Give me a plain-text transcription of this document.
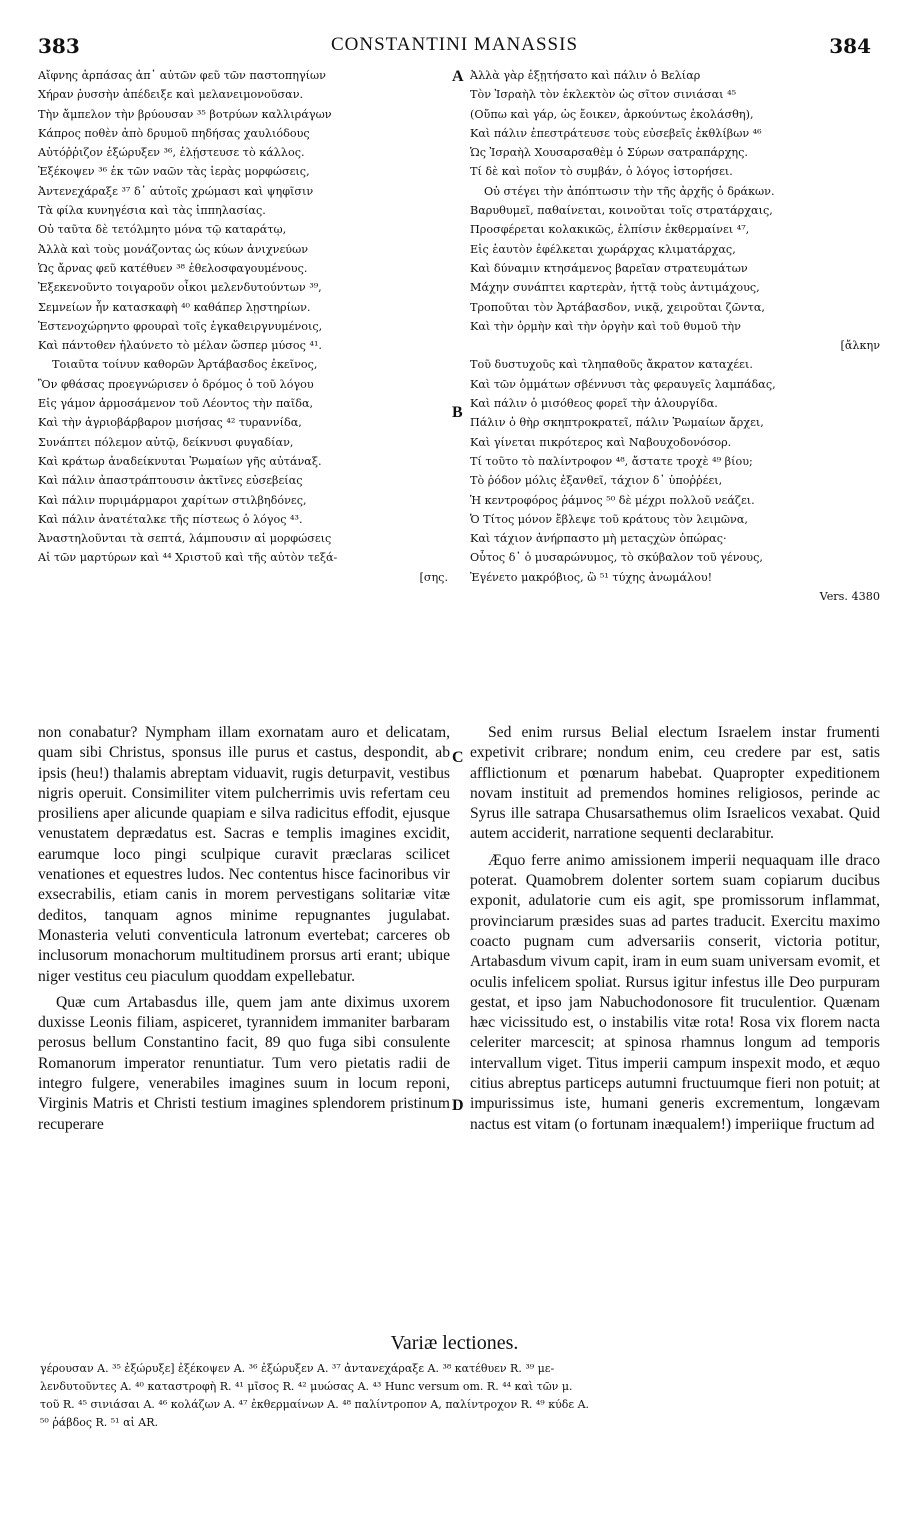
383	CONSTANTINI MANASSIS	384
A
B
C
D
Αἴφνης ἁρπάσας ἀπ᾽ αὐτῶν φεῦ τῶν παστοπηγίων
Χήραν ῥυσσὴν ἀπέδειξε καὶ μελανειμονοῦσαν.
Τὴν ἄμπελον τὴν βρύουσαν ³⁵ βοτρύων καλλιράγων
Κάπρος ποθὲν ἀπὸ δρυμοῦ πηδήσας χαυλιόδους
Αὐτόῤῥιζον ἐξώρυξεν ³⁶, ἐλῄστευσε τὸ κάλλος.
Ἐξέκοψεν ³⁶ ἐκ τῶν ναῶν τὰς ἱερὰς μορφώσεις,
Ἀντενεχάραξε ³⁷ δ᾽ αὐτοῖς χρώμασι καὶ ψηφῖσιν
Τὰ φίλα κυνηγέσια καὶ τὰς ἱππηλασίας.
Οὐ ταῦτα δὲ τετόλμητο μόνα τῷ καταράτῳ,
Ἀλλὰ καὶ τοὺς μονάζοντας ὡς κύων ἀνιχνεύων
Ὡς ἄρνας φεῦ κατέθυεν ³⁸ ἐθελοσφαγουμένους.
Ἐξεκενοῦντο τοιγαροῦν οἶκοι μελενδυτούντων ³⁹,
Σεμνείων ἦν κατασκαφὴ ⁴⁰ καθάπερ λῃστηρίων.
Ἐστενοχώρηντο φρουραὶ τοῖς ἐγκαθειργνυμένοις,
Καὶ πάντοθεν ἠλαύνετο τὸ μέλαν ὥσπερ μύσος ⁴¹.
Τοιαῦτα τοίνυν καθορῶν Ἀρτάβασδος ἐκεῖνος,
Ὃν φθάσας προεγνώρισεν ὁ δρόμος ὁ τοῦ λόγου
Εἰς γάμον ἁρμοσάμενον τοῦ Λέοντος τὴν παῖδα,
Καὶ τὴν ἀγριοβάρβαρον μισήσας ⁴² τυραννίδα,
Συνάπτει πόλεμον αὐτῷ, δείκνυσι φυγαδίαν,
Καὶ κράτωρ ἀναδείκνυται Ῥωμαίων γῆς αὐτάναξ.
Καὶ πάλιν ἀπαστράπτουσιν ἀκτῖνες εὐσεβείας
Καὶ πάλιν πυριμάρμαροι χαρίτων στιλβηδόνες,
Καὶ πάλιν ἀνατέταλκε τῆς πίστεως ὁ λόγος ⁴³.
Ἀναστηλοῦνται τὰ σεπτά, λάμπουσιν αἱ μορφώσεις
Αἱ τῶν μαρτύρων καὶ ⁴⁴ Χριστοῦ καὶ τῆς αὐτὸν τεξά-
[σης.
Ἀλλὰ γὰρ ἐξῃτήσατο καὶ πάλιν ὁ Βελίαρ
Τὸν Ἰσραὴλ τὸν ἐκλεκτὸν ὡς σῖτον σινιάσαι ⁴⁵
(Οὔπω καὶ γάρ, ὡς ἔοικεν, ἀρκούντως ἐκολάσθη),
Καὶ πάλιν ἐπεστράτευσε τοὺς εὐσεβεῖς ἐκθλίβων ⁴⁶
Ὡς Ἰσραὴλ Χουσαρσαθὲμ ὁ Σύρων σατραπάρχης.
Τί δὲ καὶ ποῖον τὸ συμβάν, ὁ λόγος ἱστορήσει.
Οὐ στέγει τὴν ἀπόπτωσιν τὴν τῆς ἀρχῆς ὁ δράκων.
Βαρυθυμεῖ, παθαίνεται, κοινοῦται τοῖς στρατάρχαις,
Προσφέρεται κολακικῶς, ἐλπίσιν ἐκθερμαίνει ⁴⁷,
Εἰς ἑαυτὸν ἐφέλκεται χωράρχας κλιματάρχας,
Καὶ δύναμιν κτησάμενος βαρεῖαν στρατευμάτων
Μάχην συνάπτει καρτερὰν, ἡττᾷ τοὺς ἀντιμάχους,
Τροποῦται τὸν Ἀρτάβασδον, νικᾷ, χειροῦται ζῶντα,
Καὶ τὴν ὁρμὴν καὶ τὴν ὀργὴν καὶ τοῦ θυμοῦ τὴν
[ἄλκην
Τοῦ δυστυχοῦς καὶ τληπαθοῦς ἄκρατον καταχέει.
Καὶ τῶν ὀμμάτων σβέννυσι τὰς φεραυγεῖς λαμπάδας,
Καὶ πάλιν ὁ μισόθεος φορεῖ τὴν ἁλουργίδα.
Πάλιν ὁ θὴρ σκηπτροκρατεῖ, πάλιν Ῥωμαίων ἄρχει,
Καὶ γίνεται πικρότερος καὶ Ναβουχοδονόσορ.
Τί τοῦτο τὸ παλίντροφον ⁴⁸, ἄστατε τροχὲ ⁴⁹ βίου;
Τὸ ῥόδον μόλις ἐξανθεῖ, τάχιον δ᾽ ὑποῤῥέει,
Ἡ κεντροφόρος ῥάμνος ⁵⁰ δὲ μέχρι πολλοῦ νεάζει.
Ὁ Τίτος μόνον ἔβλεψε τοῦ κράτους τὸν λειμῶνα,
Καὶ τάχιον ἀνήρπαστο μὴ μεταςχὼν ὀπώρας·
Οὗτος δ᾽ ὁ μυσαρώνυμος, τὸ σκύβαλον τοῦ γένους,
Ἐγένετο μακρόβιος, ὢ ⁵¹ τύχης ἀνωμάλου!
Vers. 4380

non conabatur? Nympham illam exornatam auro et delicatam, quam sibi Christus, sponsus ille purus et castus, despondit, ab ipsis (heu!) thalamis abreptam viduavit, rugis deturpavit, vestibus nigris operuit. Consimiliter vitem pulcherrimis uvis refertam ceu prosiliens aper alicunde quapiam e silva radicitus effodit, ejusque venustatem deprædatus est. Sacras e templis imagines excidit, earumque loco pingi sculpique curavit præclaras scilicet venationes et equestres ludos. Nec contentus hisce facinoribus vir exsecrabilis, etiam canis in morem pervestigans solitariæ vitæ deditos, tanquam agnos minime repugnantes jugulabat. Monasteria veluti conventicula latronum evertebat; carceres ob inclusorum monachorum multitudinem prorsus arti erant; ubique niger vestitus ceu piaculum quoddam expellebatur.

Quæ cum Artabasdus ille, quem jam ante diximus uxorem duxisse Leonis filiam, aspiceret, tyrannidem immaniter barbaram perosus bellum Constantino facit, 89 quo fuga sibi consulente Romanorum imperator renuntiatur. Tum vero pietatis radii de integro fulgere, venerabiles imagines suum in locum reponi, Virginis Matris et Christi testium imagines splendorem pristinum recuperare

Sed enim rursus Belial electum Israelem instar frumenti expetivit cribrare; nondum enim, ceu credere par est, satis afflictionum et pœnarum habebat. Quapropter expeditionem novam instituit ad premendos homines religiosos, perinde ac Syrus ille satrapa Chusarsathemus olim Israelicos vexabat. Quid autem acciderit, narratione sequenti declarabitur.

Æquo ferre animo amissionem imperii nequaquam ille draco poterat. Quamobrem dolenter sortem suam copiarum ducibus exponit, adulatorie cum eis agit, spe promissorum inflammat, provinciarum præsides suas ad partes traducit. Exercitu maximo coacto pugnam cum adversariis conserit, victoria potitur, Artabasdum vivum capit, iram in eum suam universam evomit, et oculis infelicem spoliat. Rursus igitur infestus ille Deo purpuram gestat, et ipso jam Nabuchodonosore fit truculentior. Quænam hæc vicissitudo est, o instabilis vitæ rota! Rosa vix florem nacta celeriter marcescit; at spinosa rhamnus longum ad temporis intervallum viget. Titus imperii campum inspexit modo, et æquo citius abreptus particeps autumni fructuumque fieri non potuit; at impurissimus iste, humani generis excrementum, longævam nactus est vitam (o fortunam inæqualem!) imperiique fructum ad

Variæ lectiones.
γέρουσαν A. ³⁵ ἐξώρυξε] ἐξέκοψεν A. ³⁶ ἐξώρυξεν A. ³⁷ ἀντανεχάραξε A. ³⁸ κατέθυεν R. ³⁹ με-
λενδυτοῦντες A. ⁴⁰ καταστροφὴ R. ⁴¹ μῖσος R. ⁴² μυώσας A. ⁴³ Hunc versum om. R. ⁴⁴ καὶ τῶν μ.
τοῦ R. ⁴⁵ σινιάσαι A. ⁴⁶ κολάζων A. ⁴⁷ ἐκθερμαίνων A. ⁴⁸ παλίντροπον A, παλίντροχον R. ⁴⁹ κύδε A.
⁵⁰ ῥάβδος R. ⁵¹ αἱ AR.
